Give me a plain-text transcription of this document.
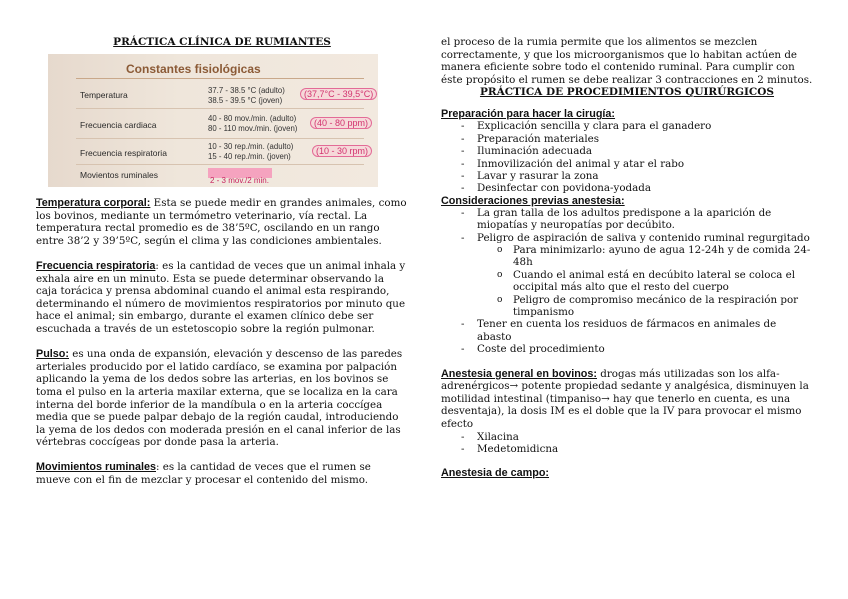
PRÁCTICA CLÍNICA DE RUMIANTES
Constantes fisiológicas
Temperatura	37.7 - 38.5 °C (adulto)
38.5 - 39.5 °C (joven)
(37,7°C - 39,5°C)
Frecuencia cardiaca
40 - 80 mov./min. (adulto)
80 - 110 mov./min. (joven)
(40 - 80 ppm)
Frecuencia respiratoria
10 - 30 rep./min. (adulto)
15 - 40 rep./min. (joven)
(10 - 30 rpm)
Movientos ruminales
2 - 3 mov./2 min.

Temperatura corporal: Esta se puede medir en grandes animales, como los bovinos, mediante un termómetro veterinario, vía rectal. La temperatura rectal promedio es de 38’5ºC, oscilando en un rango entre 38’2 y 39’5ºC, según el clima y las condiciones ambientales.

Frecuencia respiratoria: es la cantidad de veces que un animal inhala y exhala aire en un minuto. Esta se puede determinar observando la caja torácica y prensa abdominal cuando el animal esta respirando, determinando el número de movimientos respiratorios por minuto que hace el animal; sin embargo, durante el examen clínico debe ser escuchada a través de un estetoscopio sobre la región pulmonar.

Pulso: es una onda de expansión, elevación y descenso de las paredes arteriales producido por el latido cardíaco, se examina por palpación aplicando la yema de los dedos sobre las arterias, en los bovinos se toma el pulso en la arteria maxilar externa, que se localiza en la cara interna del borde inferior de la mandíbula o en la arteria coccígea media que se puede palpar debajo de la región caudal, introduciendo la yema de los dedos con moderada presión en el canal inferior de las vértebras coccígeas por donde pasa la arteria.

Movimientos ruminales: es la cantidad de veces que el rumen se mueve con el fin de mezclar y procesar el contenido del mismo.

el proceso de la rumia permite que los alimentos se mezclen correctamente, y que los microorganismos que lo habitan actúen de manera eficiente sobre todo el contenido ruminal. Para cumplir con éste propósito el rumen se debe realizar 3 contracciones en 2 minutos.

PRÁCTICA DE PROCEDIMIENTOS QUIRÚRGICOS
Preparación para hacer la cirugía:
- Explicación sencilla y clara para el ganadero
- Preparación materiales
- Iluminación adecuada
- Inmovilización del animal y atar el rabo
- Lavar y rasurar la zona
- Desinfectar con povidona-yodada
Consideraciones previas anestesia:
- La gran talla de los adultos predispone a la aparición de miopatías y neuropatías por decúbito.
- Peligro de aspiración de saliva y contenido ruminal regurgitado
o Para minimizarlo: ayuno de agua 12-24h y de comida 24-48h
o Cuando el animal está en decúbito lateral se coloca el occipital más alto que el resto del cuerpo
o Peligro de compromiso mecánico de la respiración por timpanismo
- Tener en cuenta los residuos de fármacos en animales de abasto
- Coste del procedimiento

Anestesia general en bovinos: drogas más utilizadas son los alfa-adrenérgicos→ potente propiedad sedante y analgésica, disminuyen la motilidad intestinal (timpaniso→ hay que tenerlo en cuenta, es una desventaja), la dosis IM es el doble que la IV para provocar el mismo efecto

- Xilacina
- Medetomidicna
Anestesia de campo:
